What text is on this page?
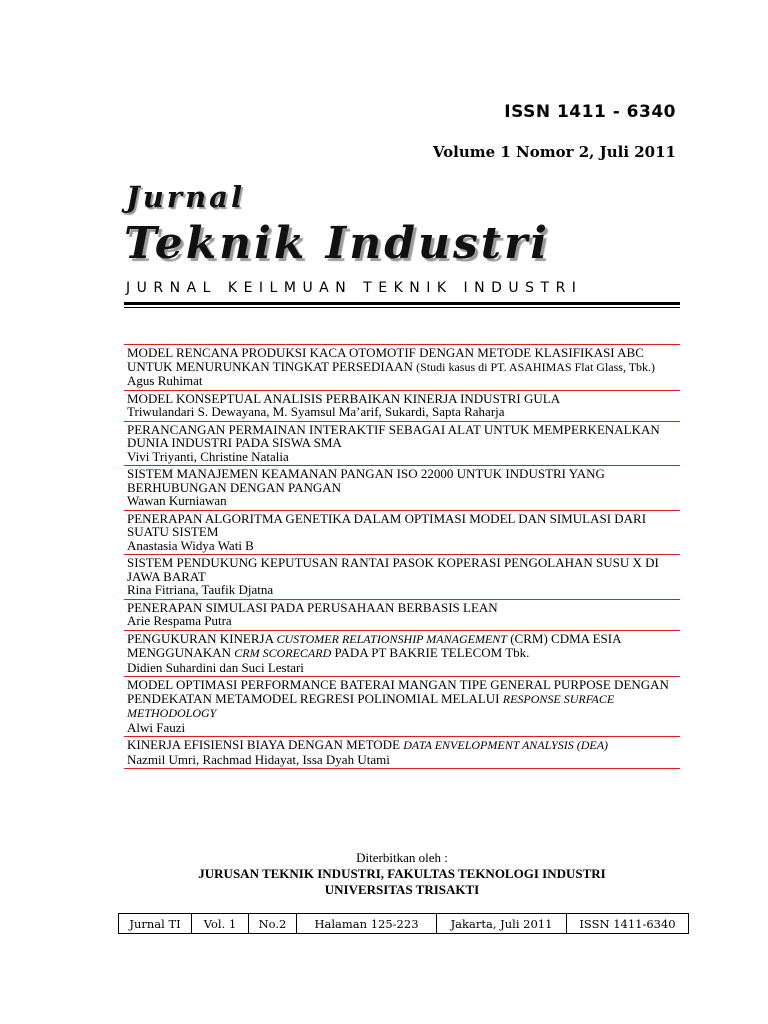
ISSN 1411 - 6340
Volume 1 Nomor 2, Juli 2011
Jurnal
Teknik Industri
JURNAL KEILMUAN TEKNIK INDUSTRI
MODEL RENCANA PRODUKSI KACA OTOMOTIF DENGAN METODE KLASIFIKASI ABC UNTUK MENURUNKAN TINGKAT PERSEDIAAN (Studi kasus di PT. ASAHIMAS Flat Glass, Tbk.)
Agus Ruhimat
MODEL KONSEPTUAL ANALISIS PERBAIKAN KINERJA INDUSTRI GULA
Triwulandari S. Dewayana, M. Syamsul Ma’arif, Sukardi, Sapta Raharja
PERANCANGAN PERMAINAN INTERAKTIF SEBAGAI ALAT UNTUK MEMPERKENALKAN DUNIA INDUSTRI PADA SISWA SMA
Vivi Triyanti, Christine Natalia
SISTEM MANAJEMEN KEAMANAN PANGAN ISO 22000 UNTUK INDUSTRI YANG BERHUBUNGAN DENGAN PANGAN
Wawan Kurniawan
PENERAPAN ALGORITMA GENETIKA DALAM OPTIMASI MODEL DAN SIMULASI DARI SUATU SISTEM
Anastasia Widya Wati B
SISTEM PENDUKUNG KEPUTUSAN RANTAI PASOK KOPERASI PENGOLAHAN SUSU X DI JAWA BARAT
Rina Fitriana, Taufik Djatna
PENERAPAN SIMULASI PADA PERUSAHAAN BERBASIS LEAN
Arie Respama Putra
PENGUKURAN KINERJA CUSTOMER RELATIONSHIP MANAGEMENT (CRM) CDMA ESIA MENGGUNAKAN CRM SCORECARD PADA PT BAKRIE TELECOM Tbk.
Didien Suhardini dan Suci Lestari
MODEL OPTIMASI PERFORMANCE BATERAI MANGAN TIPE GENERAL PURPOSE DENGAN PENDEKATAN METAMODEL REGRESI POLINOMIAL MELALUI RESPONSE SURFACE METHODOLOGY
Alwi Fauzi
KINERJA EFISIENSI BIAYA DENGAN METODE DATA ENVELOPMENT ANALYSIS (DEA)
Nazmil Umri, Rachmad Hidayat, Issa Dyah Utami
Diterbitkan oleh :
JURUSAN TEKNIK INDUSTRI, FAKULTAS TEKNOLOGI INDUSTRI
UNIVERSITAS TRISAKTI
Jurnal TI	Vol. 1	No.2	Halaman 125-223	Jakarta, Juli 2011	ISSN 1411-6340
